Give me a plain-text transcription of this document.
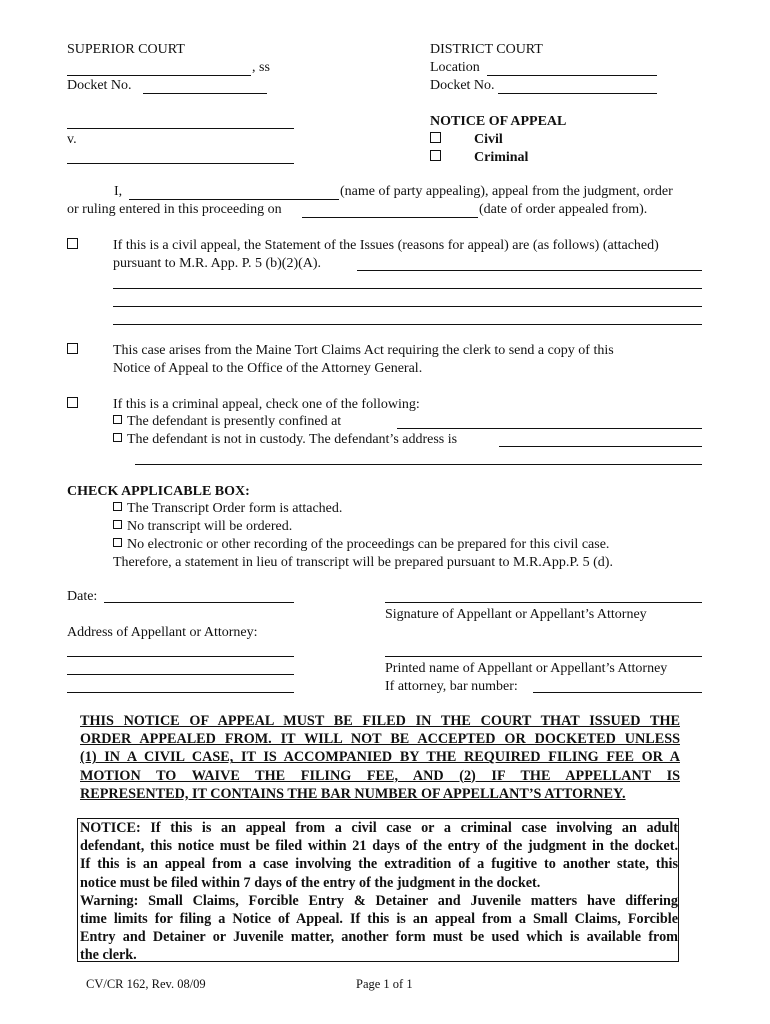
SUPERIOR COURT
, ss
Docket No.
DISTRICT COURT
Location
Docket No.
v.
NOTICE OF APPEAL
Civil
Criminal
I,	(name of party appealing), appeal from the judgment, order
or ruling entered in this proceeding on	(date of order appealed from).
If this is a civil appeal, the Statement of the Issues (reasons for appeal) are (as follows) (attached)
pursuant to M.R. App. P. 5 (b)(2)(A).
This case arises from the Maine Tort Claims Act requiring the clerk to send a copy of this
Notice of Appeal to the Office of the Attorney General.
If this is a criminal appeal, check one of the following:
The defendant is presently confined at
The defendant is not in custody. The defendant’s address is
CHECK APPLICABLE BOX:
The Transcript Order form is attached.
No transcript will be ordered.
No electronic or other recording of the proceedings can be prepared for this civil case.
Therefore, a statement in lieu of transcript will be prepared pursuant to M.R.App.P. 5 (d).
Date:
Signature of Appellant or Appellant’s Attorney
Address of Appellant or Attorney:
Printed name of Appellant or Appellant’s Attorney
If attorney, bar number:
THIS NOTICE OF APPEAL MUST BE FILED IN THE COURT THAT ISSUED THE
ORDER APPEALED FROM. IT WILL NOT BE ACCEPTED OR DOCKETED UNLESS
(1) IN A CIVIL CASE, IT IS ACCOMPANIED BY THE REQUIRED FILING FEE OR A
MOTION TO WAIVE THE FILING FEE, AND (2) IF THE APPELLANT IS
REPRESENTED, IT CONTAINS THE BAR NUMBER OF APPELLANT’S ATTORNEY.
NOTICE: If this is an appeal from a civil case or a criminal case involving an adult
defendant, this notice must be filed within 21 days of the entry of the judgment in the docket.
If this is an appeal from a case involving the extradition of a fugitive to another state, this
notice must be filed within 7 days of the entry of the judgment in the docket.
Warning: Small Claims, Forcible Entry & Detainer and Juvenile matters have differing
time limits for filing a Notice of Appeal. If this is an appeal from a Small Claims, Forcible
Entry and Detainer or Juvenile matter, another form must be used which is available from
the clerk.
CV/CR 162, Rev. 08/09	Page 1 of 1
